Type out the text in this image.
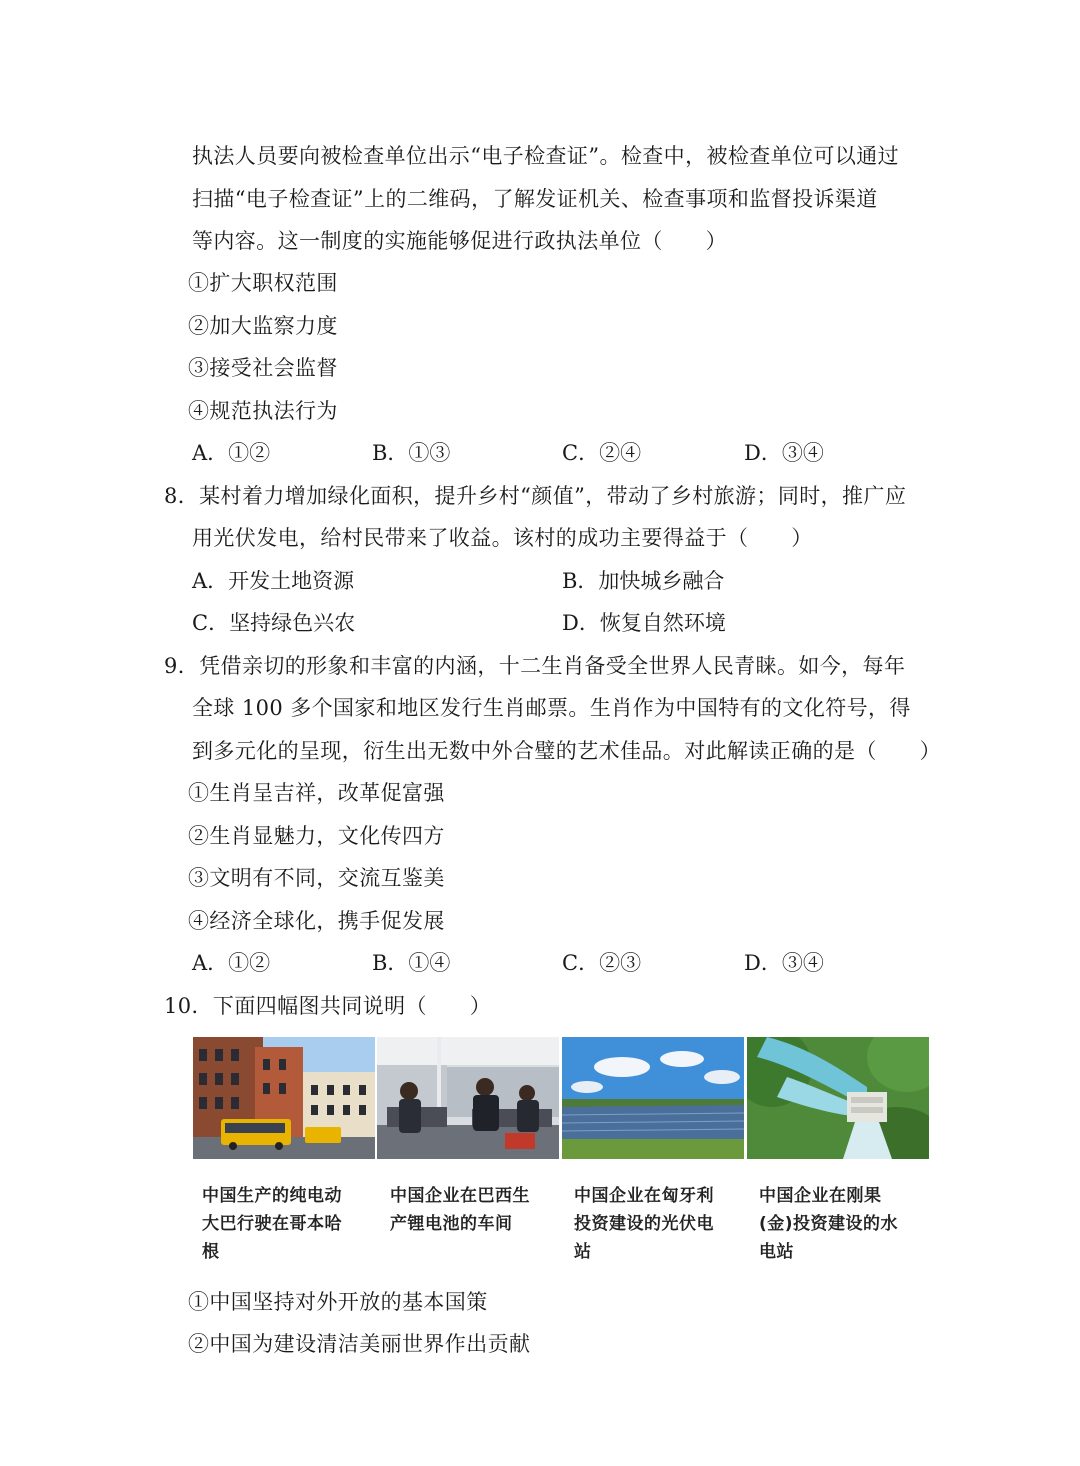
执法人员要向被检查单位出示“电子检查证”。检查中，被检查单位可以通过
扫描“电子检查证”上的二维码，了解发证机关、检查事项和监督投诉渠道
等内容。这一制度的实施能够促进行政执法单位（　　）
①扩大职权范围
②加大监察力度
③接受社会监督
④规范执法行为
A．①②	B．①③	C．②④	D．③④
8．某村着力增加绿化面积，提升乡村“颜值”，带动了乡村旅游；同时，推广应
用光伏发电，给村民带来了收益。该村的成功主要得益于（　　）
A．开发土地资源	B．加快城乡融合
C．坚持绿色兴农	D．恢复自然环境
9．凭借亲切的形象和丰富的内涵，十二生肖备受全世界人民青睐。如今，每年
全球 100 多个国家和地区发行生肖邮票。生肖作为中国特有的文化符号，得
到多元化的呈现，衍生出无数中外合璧的艺术佳品。对此解读正确的是（　　）
①生肖呈吉祥，改革促富强
②生肖显魅力，文化传四方
③文明有不同，交流互鉴美
④经济全球化，携手促发展
A．①②	B．①④	C．②③	D．③④
10．下面四幅图共同说明（　　）
中国生产的纯电动
大巴行驶在哥本哈
根
中国企业在巴西生
产锂电池的车间
中国企业在匈牙利
投资建设的光伏电
站
中国企业在刚果
(金)投资建设的水
电站
①中国坚持对外开放的基本国策
②中国为建设清洁美丽世界作出贡献
